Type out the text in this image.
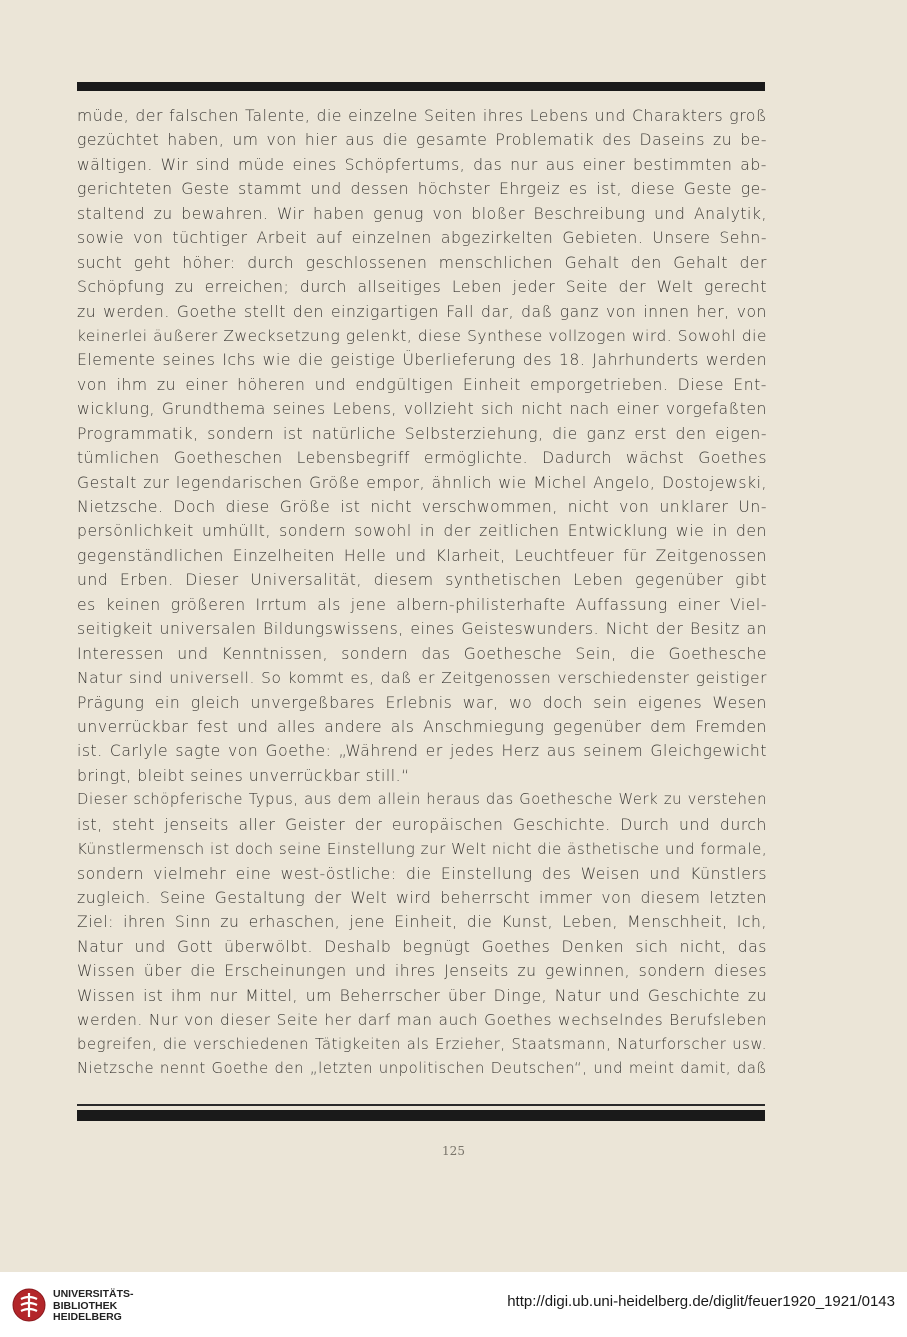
müde, der falschen Talente, die einzelne Seiten ihres Lebens und Charakters groß
gezüchtet haben, um von hier aus die gesamte Problematik des Daseins zu be-
wältigen. Wir sind müde eines Schöpfertums, das nur aus einer bestimmten ab-
gerichteten Geste stammt und dessen höchster Ehrgeiz es ist, diese Geste ge-
staltend zu bewahren. Wir haben genug von bloßer Beschreibung und Analytik,
sowie von tüchtiger Arbeit auf einzelnen abgezirkelten Gebieten. Unsere Sehn-
sucht geht höher: durch geschlossenen menschlichen Gehalt den Gehalt der
Schöpfung zu erreichen; durch allseitiges Leben jeder Seite der Welt gerecht
zu werden. Goethe stellt den einzigartigen Fall dar, daß ganz von innen her, von
keinerlei äußerer Zwecksetzung gelenkt, diese Synthese vollzogen wird. Sowohl die
Elemente seines Ichs wie die geistige Überlieferung des 18. Jahrhunderts werden
von ihm zu einer höheren und endgültigen Einheit emporgetrieben. Diese Ent-
wicklung, Grundthema seines Lebens, vollzieht sich nicht nach einer vorgefaßten
Programmatik, sondern ist natürliche Selbsterziehung, die ganz erst den eigen-
tümlichen Goetheschen Lebensbegriff ermöglichte. Dadurch wächst Goethes
Gestalt zur legendarischen Größe empor, ähnlich wie Michel Angelo, Dostojewski,
Nietzsche. Doch diese Größe ist nicht verschwommen, nicht von unklarer Un-
persönlichkeit umhüllt, sondern sowohl in der zeitlichen Entwicklung wie in den
gegenständlichen Einzelheiten Helle und Klarheit, Leuchtfeuer für Zeitgenossen
und Erben. Dieser Universalität, diesem synthetischen Leben gegenüber gibt
es keinen größeren Irrtum als jene albern-philisterhafte Auffassung einer Viel-
seitigkeit universalen Bildungswissens, eines Geisteswunders. Nicht der Besitz an
Interessen und Kenntnissen, sondern das Goethesche Sein, die Goethesche
Natur sind universell. So kommt es, daß er Zeitgenossen verschiedenster geistiger
Prägung ein gleich unvergeßbares Erlebnis war, wo doch sein eigenes Wesen
unverrückbar fest und alles andere als Anschmiegung gegenüber dem Fremden
ist. Carlyle sagte von Goethe: „Während er jedes Herz aus seinem Gleichgewicht
bringt, bleibt seines unverrückbar still.“
Dieser schöpferische Typus, aus dem allein heraus das Goethesche Werk zu verstehen
ist, steht jenseits aller Geister der europäischen Geschichte. Durch und durch
Künstlermensch ist doch seine Einstellung zur Welt nicht die ästhetische und formale,
sondern vielmehr eine west-östliche: die Einstellung des Weisen und Künstlers
zugleich. Seine Gestaltung der Welt wird beherrscht immer von diesem letzten
Ziel: ihren Sinn zu erhaschen, jene Einheit, die Kunst, Leben, Menschheit, Ich,
Natur und Gott überwölbt. Deshalb begnügt Goethes Denken sich nicht, das
Wissen über die Erscheinungen und ihres Jenseits zu gewinnen, sondern dieses
Wissen ist ihm nur Mittel, um Beherrscher über Dinge, Natur und Geschichte zu
werden. Nur von dieser Seite her darf man auch Goethes wechselndes Berufsleben
begreifen, die verschiedenen Tätigkeiten als Erzieher, Staatsmann, Naturforscher usw.
Nietzsche nennt Goethe den „letzten unpolitischen Deutschen“, und meint damit, daß
125
UNIVERSITÄTS-
BIBLIOTHEK
HEIDELBERG
http://digi.ub.uni-heidelberg.de/diglit/feuer1920_1921/0143
